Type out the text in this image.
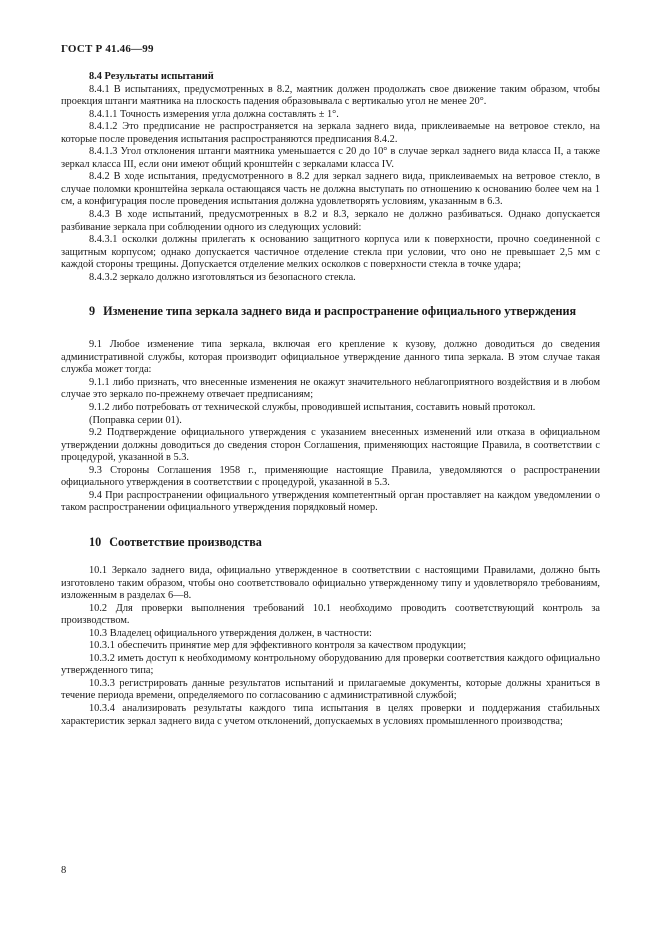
ГОСТ Р 41.46—99

8.4 Результаты испытаний

8.4.1 В испытаниях, предусмотренных в 8.2, маятник должен продолжать свое движение таким образом, чтобы проекция штанги маятника на плоскость падения образовывала с вертикалью угол не менее 20°.

8.4.1.1 Точность измерения угла должна составлять ± 1°.

8.4.1.2 Это предписание не распространяется на зеркала заднего вида, приклеиваемые на ветровое стекло, на которые после проведения испытания распространяются предписания 8.4.2.

8.4.1.3 Угол отклонения штанги маятника уменьшается с 20 до 10° в случае зеркал заднего вида класса II, а также зеркал класса III, если они имеют общий кронштейн с зеркалами класса IV.

8.4.2 В ходе испытания, предусмотренного в 8.2 для зеркал заднего вида, приклеиваемых на ветровое стекло, в случае поломки кронштейна зеркала остающаяся часть не должна выступать по отношению к основанию более чем на 1 см, а конфигурация после проведения испытания должна удовлетворять условиям, указанным в 6.3.

8.4.3 В ходе испытаний, предусмотренных в 8.2 и 8.3, зеркало не должно разбиваться. Однако допускается разбивание зеркала при соблюдении одного из следующих условий:

8.4.3.1 осколки должны прилегать к основанию защитного корпуса или к поверхности, прочно соединенной с защитным корпусом; однако допускается частичное отделение стекла при условии, что оно не превышает 2,5 мм с каждой стороны трещины. Допускается отделение мелких осколков с поверхности стекла в точке удара;

8.4.3.2 зеркало должно изготовляться из безопасного стекла.

9 Изменение типа зеркала заднего вида и распространение официального утверждения

9.1 Любое изменение типа зеркала, включая его крепление к кузову, должно доводиться до сведения административной службы, которая производит официальное утверждение данного типа зеркала. В этом случае такая служба может тогда:

9.1.1 либо признать, что внесенные изменения не окажут значительного неблагоприятного воздействия и в любом случае это зеркало по-прежнему отвечает предписаниям;

9.1.2 либо потребовать от технической службы, проводившей испытания, составить новый протокол.

(Поправка серии 01).

9.2 Подтверждение официального утверждения с указанием внесенных изменений или отказа в официальном утверждении должны доводиться до сведения сторон Соглашения, применяющих настоящие Правила, в соответствии с процедурой, указанной в 5.3.

9.3 Стороны Соглашения 1958 г., применяющие настоящие Правила, уведомляются о распространении официального утверждения в соответствии с процедурой, указанной в 5.3.

9.4 При распространении официального утверждения компетентный орган проставляет на каждом уведомлении о таком распространении официального утверждения порядковый номер.

10 Соответствие производства

10.1 Зеркало заднего вида, официально утвержденное в соответствии с настоящими Правилами, должно быть изготовлено таким образом, чтобы оно соответствовало официально утвержденному типу и удовлетворяло требованиям, изложенным в разделах 6—8.

10.2 Для проверки выполнения требований 10.1 необходимо проводить соответствующий контроль за производством.

10.3 Владелец официального утверждения должен, в частности:

10.3.1 обеспечить принятие мер для эффективного контроля за качеством продукции;

10.3.2 иметь доступ к необходимому контрольному оборудованию для проверки соответствия каждого официально утвержденного типа;

10.3.3 регистрировать данные результатов испытаний и прилагаемые документы, которые должны храниться в течение периода времени, определяемого по согласованию с административной службой;

10.3.4 анализировать результаты каждого типа испытания в целях проверки и поддержания стабильных характеристик зеркал заднего вида с учетом отклонений, допускаемых в условиях промышленного производства;

8
